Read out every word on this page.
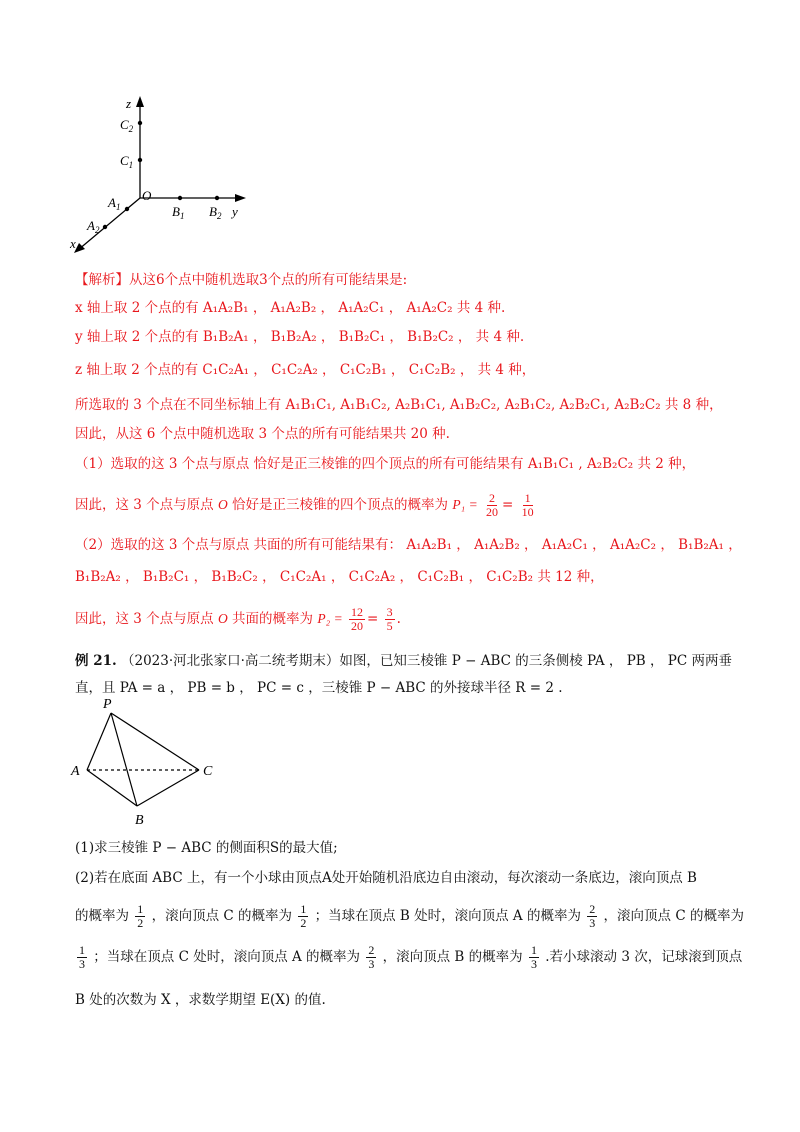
z
y
x
O
$C_2$
$C_1$
$A_1$
$A_2$
$B_1$ $B_2$
【解析】从这6个点中随机选取3个点的所有可能结果是:
x 轴上取 2 个点的有 A₁A₂B₁ ， A₁A₂B₂ ， A₁A₂C₁ ， A₁A₂C₂ 共 4 种.
y 轴上取 2 个点的有 B₁B₂A₁ ， B₁B₂A₂ ， B₁B₂C₁ ， B₁B₂C₂ ， 共 4 种.
z 轴上取 2 个点的有 C₁C₂A₁ ， C₁C₂A₂ ， C₁C₂B₁ ， C₁C₂B₂ ， 共 4 种，
所选取的 3 个点在不同坐标轴上有 A₁B₁C₁, A₁B₁C₂, A₂B₁C₁, A₁B₂C₂, A₂B₁C₂, A₂B₂C₁, A₂B₂C₂ 共 8 种，
因此，从这 6 个点中随机选取 3 个点的所有可能结果共 20 种.
（1）选取的这 3 个点与原点 恰好是正三棱锥的四个顶点的所有可能结果有 A₁B₁C₁ , A₂B₂C₂ 共 2 种，
因此，这 3 个点与原点 O 恰好是正三棱锥的四个顶点的概率为 $P_1 = \frac{2}{20} = \frac{1}{10}$
（2）选取的这 3 个点与原点 共面的所有可能结果有： A₁A₂B₁ ， A₁A₂B₂ ， A₁A₂C₁ ， A₁A₂C₂ ， B₁B₂A₁ ，
B₁B₂A₂ ， B₁B₂C₁ ， B₁B₂C₂ ， C₁C₂A₁ ， C₁C₂A₂ ， C₁C₂B₁ ， C₁C₂B₂ 共 12 种，
因此，这 3 个点与原点 O 共面的概率为 $P_2 = \frac{12}{20} = \frac{3}{5}$ .
例 21. （2023·河北张家口·高二统考期末）如图，已知三棱锥 P − ABC 的三条侧棱 PA ， PB ， PC 两两垂
直，且 PA = a ， PB = b ， PC = c ，三棱锥 P − ABC 的外接球半径 R = 2 .
P
A
B
C
(1)求三棱锥 P − ABC 的侧面积S的最大值;
(2)若在底面 ABC 上，有一个小球由顶点A处开始随机沿底边自由滚动，每次滚动一条底边，滚向顶点 B
的概率为 $\frac{1}{2}$ ，滚向顶点 C 的概率为 $\frac{1}{2}$ ；当球在顶点 B 处时，滚向顶点 A 的概率为 $\frac{2}{3}$ ，滚向顶点 C 的概率为
$\frac{1}{3}$ ；当球在顶点 C 处时，滚向顶点 A 的概率为 $\frac{2}{3}$ ，滚向顶点 B 的概率为 $\frac{1}{3}$ .若小球滚动 3 次，记球滚到顶点
B 处的次数为 X ，求数学期望 E(X) 的值.
